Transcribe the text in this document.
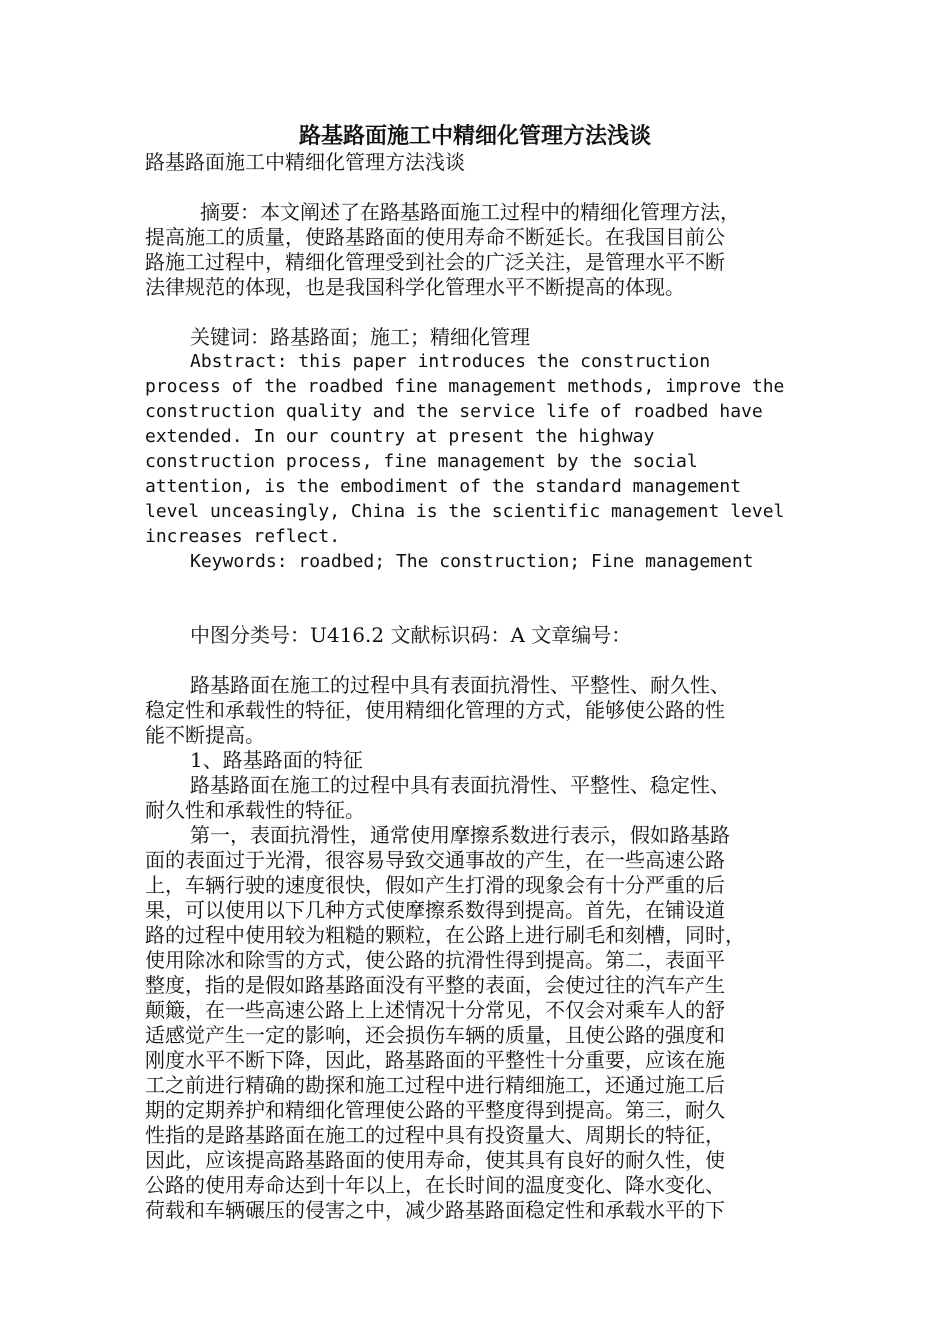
路基路面施工中精细化管理方法浅谈
路基路面施工中精细化管理方法浅谈
摘要：本文阐述了在路基路面施工过程中的精细化管理方法，
提高施工的质量，使路基路面的使用寿命不断延长。在我国目前公
路施工过程中，精细化管理受到社会的广泛关注，是管理水平不断
法律规范的体现，也是我国科学化管理水平不断提高的体现。
关键词：路基路面；施工；精细化管理
Abstract: this paper introduces the construction
process of the roadbed fine management methods, improve the
construction quality and the service life of roadbed have
extended. In our country at present the highway
construction process, fine management by the social
attention, is the embodiment of the standard management
level unceasingly, China is the scientific management level
increases reflect.
Keywords: roadbed; The construction; Fine management
中图分类号：U416.2 文献标识码：A 文章编号：
路基路面在施工的过程中具有表面抗滑性、平整性、耐久性、
稳定性和承载性的特征，使用精细化管理的方式，能够使公路的性
能不断提高。
1、路基路面的特征
路基路面在施工的过程中具有表面抗滑性、平整性、稳定性、
耐久性和承载性的特征。
第一，表面抗滑性，通常使用摩擦系数进行表示，假如路基路
面的表面过于光滑，很容易导致交通事故的产生，在一些高速公路
上，车辆行驶的速度很快，假如产生打滑的现象会有十分严重的后
果，可以使用以下几种方式使摩擦系数得到提高。首先，在铺设道
路的过程中使用较为粗糙的颗粒，在公路上进行刷毛和刻槽，同时，
使用除冰和除雪的方式，使公路的抗滑性得到提高。第二，表面平
整度，指的是假如路基路面没有平整的表面，会使过往的汽车产生
颠簸，在一些高速公路上上述情况十分常见，不仅会对乘车人的舒
适感觉产生一定的影响，还会损伤车辆的质量，且使公路的强度和
刚度水平不断下降，因此，路基路面的平整性十分重要，应该在施
工之前进行精确的勘探和施工过程中进行精细施工，还通过施工后
期的定期养护和精细化管理使公路的平整度得到提高。第三，耐久
性指的是路基路面在施工的过程中具有投资量大、周期长的特征，
因此，应该提高路基路面的使用寿命，使其具有良好的耐久性，使
公路的使用寿命达到十年以上，在长时间的温度变化、降水变化、
荷载和车辆碾压的侵害之中，减少路基路面稳定性和承载水平的下
